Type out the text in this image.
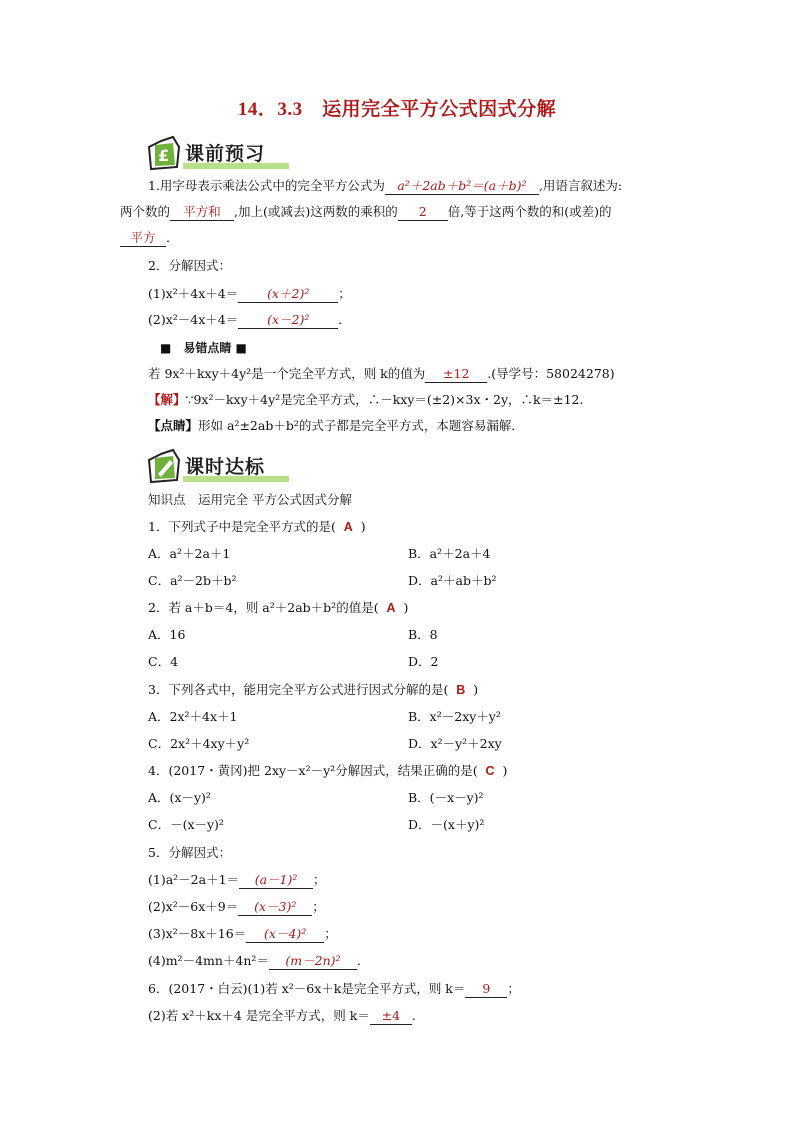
14．3.3　运用完全平方公式因式分解
£ 课前预习
1.用字母表示乘法公式中的完全平方公式为 a²＋2ab＋b²＝(a＋b)² ,用语言叙述为:
两个数的 平方和 ,加上(或减去)这两数的乘积的 2 倍,等于这两个数的和(或差)的
平方 .
2．分解因式：
(1)x²＋4x＋4＝ (x＋2)² ；
(2)x²－4x＋4＝ (x－2)² ．
■　易错点睛 ■
若 9x²＋kxy＋4y²是一个完全平方式，则 k的值为 ±12 .(导学号：58024278)
【解】∵9x²－kxy＋4y²是完全平方式，∴－kxy＝(±2)×3x・2y，∴k＝±12.
【点睛】形如 a²±2ab＋b²的式子都是完全平方式，本题容易漏解．
课时达标
知识点　运用完全 平方公式因式分解
1．下列式子中是完全平方式的是( A  )
A．a²＋2a＋1	B．a²＋2a＋4
C．a²－2b＋b²	D．a²＋ab＋b²
2．若 a＋b＝4，则 a²＋2ab＋b²的值是( A  )
A．16	B．8
C．4	D．2
3．下列各式中，能用完全平方公式进行因式分解的是( B  )
A．2x²＋4x＋1	B．x²－2xy＋y²
C．2x²＋4xy＋y²	D．x²－y²＋2xy
4．(2017・黄冈)把 2xy－x²－y²分解因式，结果正确的是( C  )
A．(x－y)²	B．(－x－y)²
C．－(x－y)²	D．－(x＋y)²
5．分解因式：
(1)a²－2a＋1＝ (a－1)² ；
(2)x²－6x＋9＝ (x－3)² ；
(3)x²－8x＋16＝ (x－4)² ；
(4)m²－4mn＋4n²＝ (m－2n)² ．
6．(2017・白云)(1)若 x²－6x＋k是完全平方式，则 k＝ 9 ；
(2)若 x²＋kx＋4 是完全平方式，则 k＝ ±4 .
